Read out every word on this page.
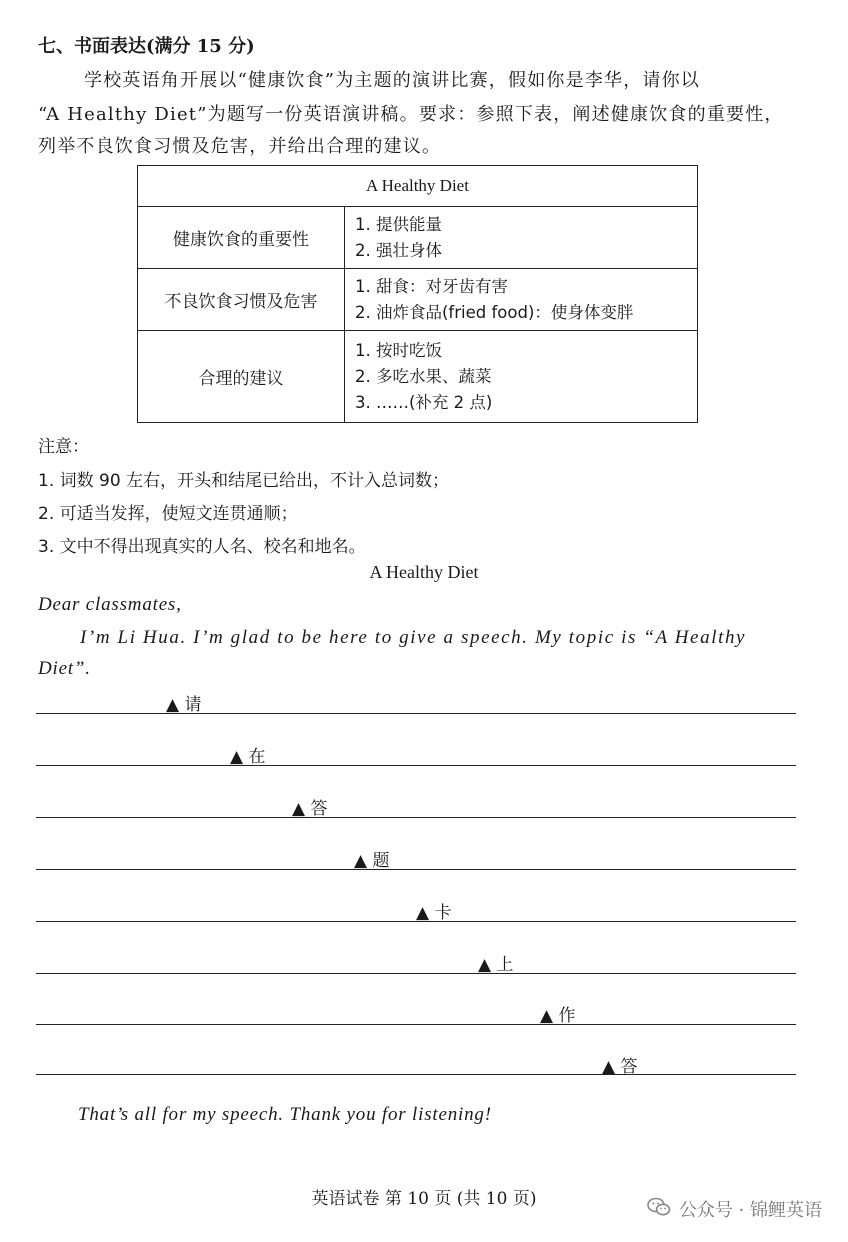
七、书面表达(满分 15 分)
学校英语角开展以“健康饮食”为主题的演讲比赛，假如你是李华，请你以
“A Healthy Diet”为题写一份英语演讲稿。要求：参照下表，阐述健康饮食的重要性，
列举不良饮食习惯及危害，并给出合理的建议。
A Healthy Diet	
健康饮食的重要性	1. 提供能量
2. 强壮身体

不良饮食习惯及危害	1. 甜食：对牙齿有害
2. 油炸食品(fried food)：使身体变胖

合理的建议	1. 按时吃饭
2. 多吃水果、蔬菜
3. ……(补充 2 点)
注意：
1. 词数 90 左右，开头和结尾已给出，不计入总词数；
2. 可适当发挥，使短文连贯通顺；
3. 文中不得出现真实的人名、校名和地名。
A Healthy Diet
Dear classmates,
I’m Li Hua. I’m glad to be here to give a speech. My topic is “A Healthy
Diet”.
▲ 请
▲ 在
▲ 答
▲ 题
▲ 卡
▲ 上
▲ 作
▲ 答
That’s all for my speech. Thank you for listening!
英语试卷 第 10 页 (共 10 页)
公众号 · 锦鲤英语
